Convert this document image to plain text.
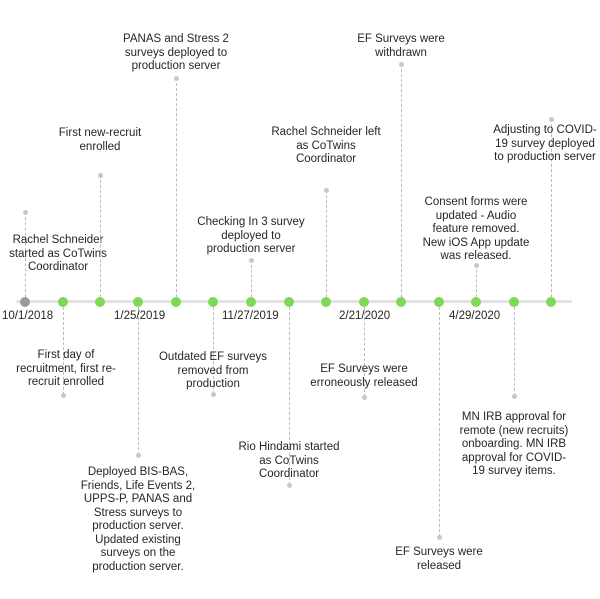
Rachel Schneider
started as CoTwins
Coordinator
First day of
recruitment, first re-
recruit enrolled
First new-recruit
enrolled
Deployed BIS-BAS,
Friends, Life Events 2,
UPPS-P, PANAS and
Stress surveys to
production server.
Updated existing
surveys on the
production server.
PANAS and Stress 2
surveys deployed to
production server
Outdated EF surveys
removed from
production
Checking In 3 survey
deployed to
production server
Rio Hindami started
as CoTwins
Coordinator
Rachel Schneider left
as CoTwins
Coordinator
EF Surveys were
erroneously released
EF Surveys were
withdrawn
EF Surveys were
released
Consent forms were
updated - Audio
feature removed.
New iOS App update
was released.
MN IRB approval for
remote (new recruits)
onboarding. MN IRB
approval for COVID-
19 survey items.
Adjusting to COVID-
19 survey deployed
to production server
10/1/2018	1/25/2019	11/27/2019	2/21/2020	4/29/2020
